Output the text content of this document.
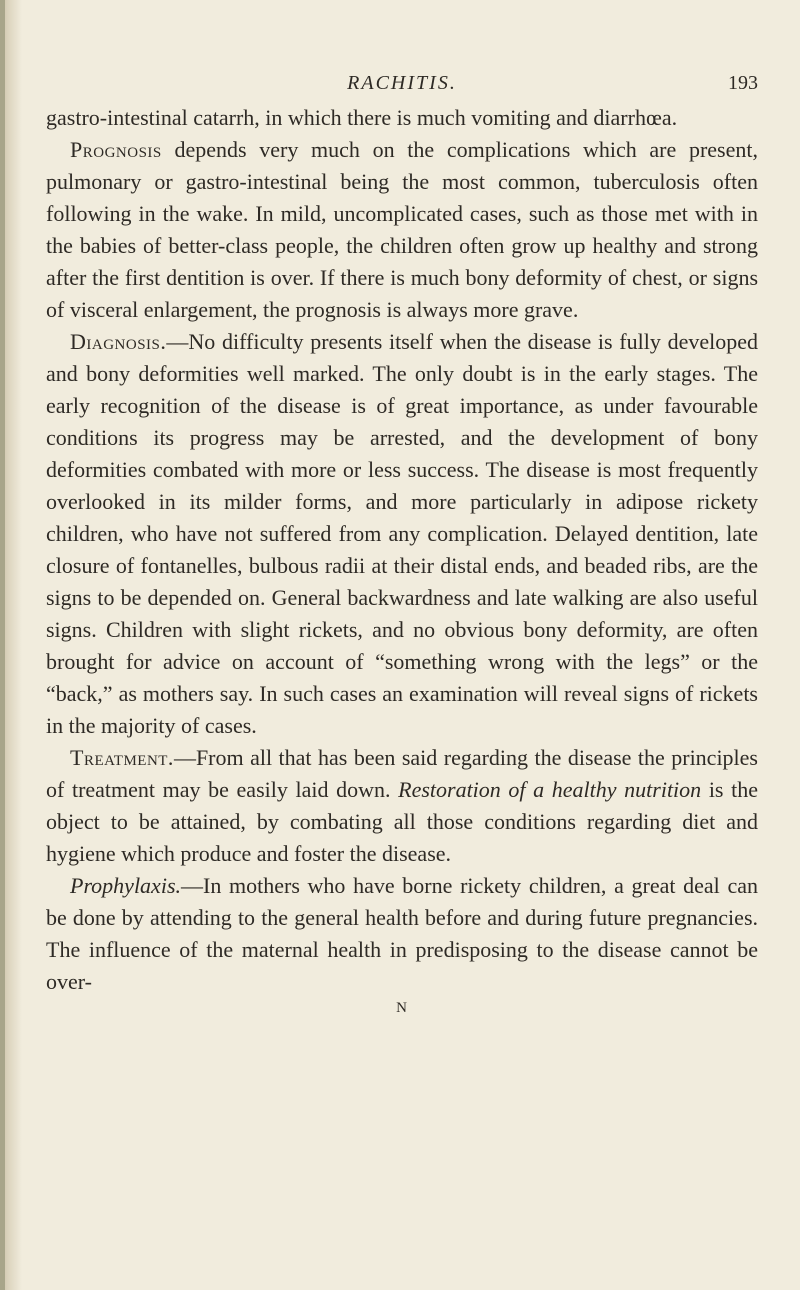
RACHITIS.	193

gastro-intestinal catarrh, in which there is much vomiting and diarrhœa.

Prognosis depends very much on the complications which are present, pulmonary or gastro-intestinal being the most common, tuberculosis often following in the wake. In mild, uncomplicated cases, such as those met with in the babies of better-class people, the children often grow up healthy and strong after the first dentition is over. If there is much bony deformity of chest, or signs of visceral enlargement, the prognosis is always more grave.

Diagnosis.—No difficulty presents itself when the disease is fully developed and bony deformities well marked. The only doubt is in the early stages. The early recognition of the disease is of great importance, as under favourable conditions its progress may be arrested, and the development of bony deformities combated with more or less success. The disease is most frequently overlooked in its milder forms, and more particularly in adipose rickety children, who have not suffered from any complication. Delayed dentition, late closure of fontanelles, bulbous radii at their distal ends, and beaded ribs, are the signs to be depended on. General backwardness and late walking are also useful signs. Children with slight rickets, and no obvious bony deformity, are often brought for advice on account of “something wrong with the legs” or the “back,” as mothers say. In such cases an examination will reveal signs of rickets in the majority of cases.

Treatment.—From all that has been said regarding the disease the principles of treatment may be easily laid down. Restoration of a healthy nutrition is the object to be attained, by combating all those conditions regarding diet and hygiene which produce and foster the disease.

Prophylaxis.—In mothers who have borne rickety children, a great deal can be done by attending to the general health before and during future pregnancies. The influence of the maternal health in predisposing to the disease cannot be over-

N
